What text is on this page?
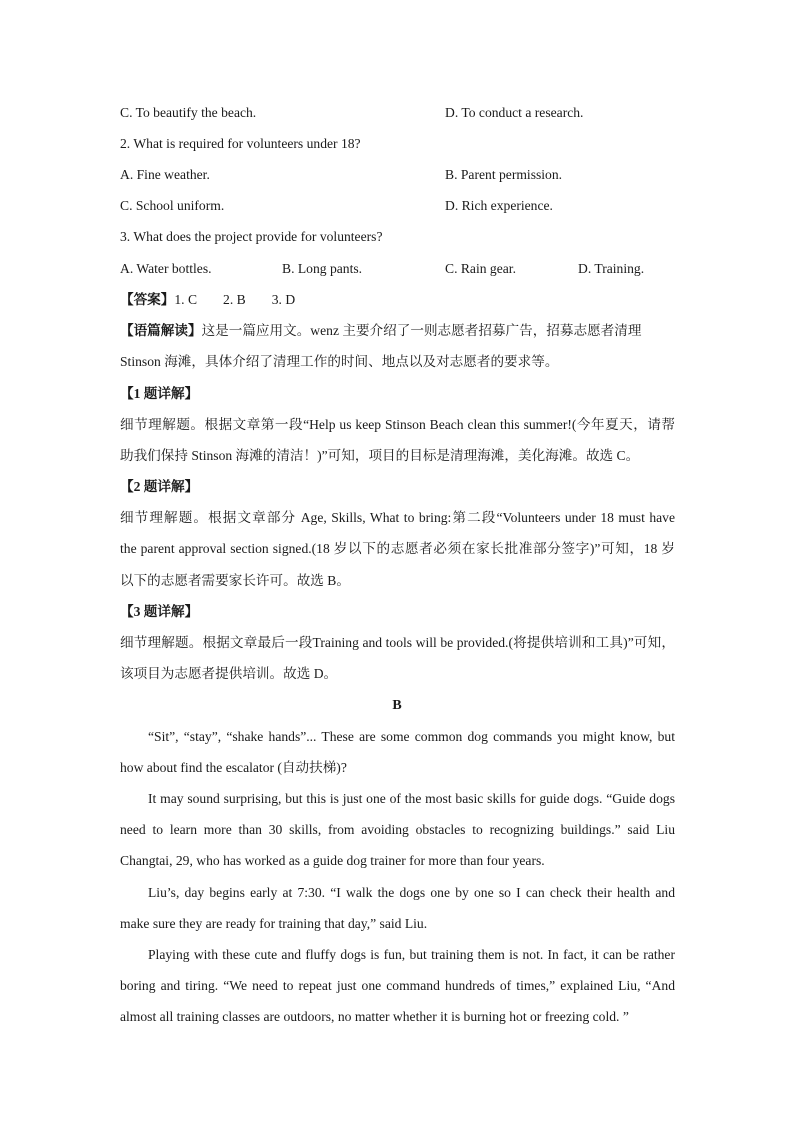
C. To beautify the beach.	D. To conduct a research.
2. What is required for volunteers under 18?
A. Fine weather.	B. Parent permission.
C. School uniform.	D. Rich experience.
3. What does the project provide for volunteers?
A. Water bottles.	B. Long pants.	C. Rain gear.	D. Training.
【答案】1. C 2. B 3. D
【语篇解读】这是一篇应用文。wenz 主要介绍了一则志愿者招募广告，招募志愿者清理
Stinson 海滩，具体介绍了清理工作的时间、地点以及对志愿者的要求等。
【1 题详解】
细节理解题。根据文章第一段“Help us keep Stinson Beach clean this summer!(今年夏天，请帮
助我们保持 Stinson 海滩的清洁！)”可知，项目的目标是清理海滩，美化海滩。故选 C。
【2 题详解】
细节理解题。根据文章部分 Age, Skills, What to bring:第二段“Volunteers under 18 must have
the parent approval section signed.(18 岁以下的志愿者必须在家长批准部分签字)”可知，18 岁
以下的志愿者需要家长许可。故选 B。
【3 题详解】
细节理解题。根据文章最后一段Training and tools will be provided.(将提供培训和工具)”可知，
该项目为志愿者提供培训。故选 D。
B
“Sit”, “stay”, “shake hands”... These are some common dog commands you might know, but
how about find the escalator (自动扶梯)?
It may sound surprising, but this is just one of the most basic skills for guide dogs. “Guide dogs
need to learn more than 30 skills, from avoiding obstacles to recognizing buildings.” said Liu
Changtai, 29, who has worked as a guide dog trainer for more than four years.
Liu’s, day begins early at 7:30. “I walk the dogs one by one so I can check their health and
make sure they are ready for training that day,” said Liu.
Playing with these cute and fluffy dogs is fun, but training them is not. In fact, it can be rather
boring and tiring. “We need to repeat just one command hundreds of times,” explained Liu, “And
almost all training classes are outdoors, no matter whether it is burning hot or freezing cold. ”
